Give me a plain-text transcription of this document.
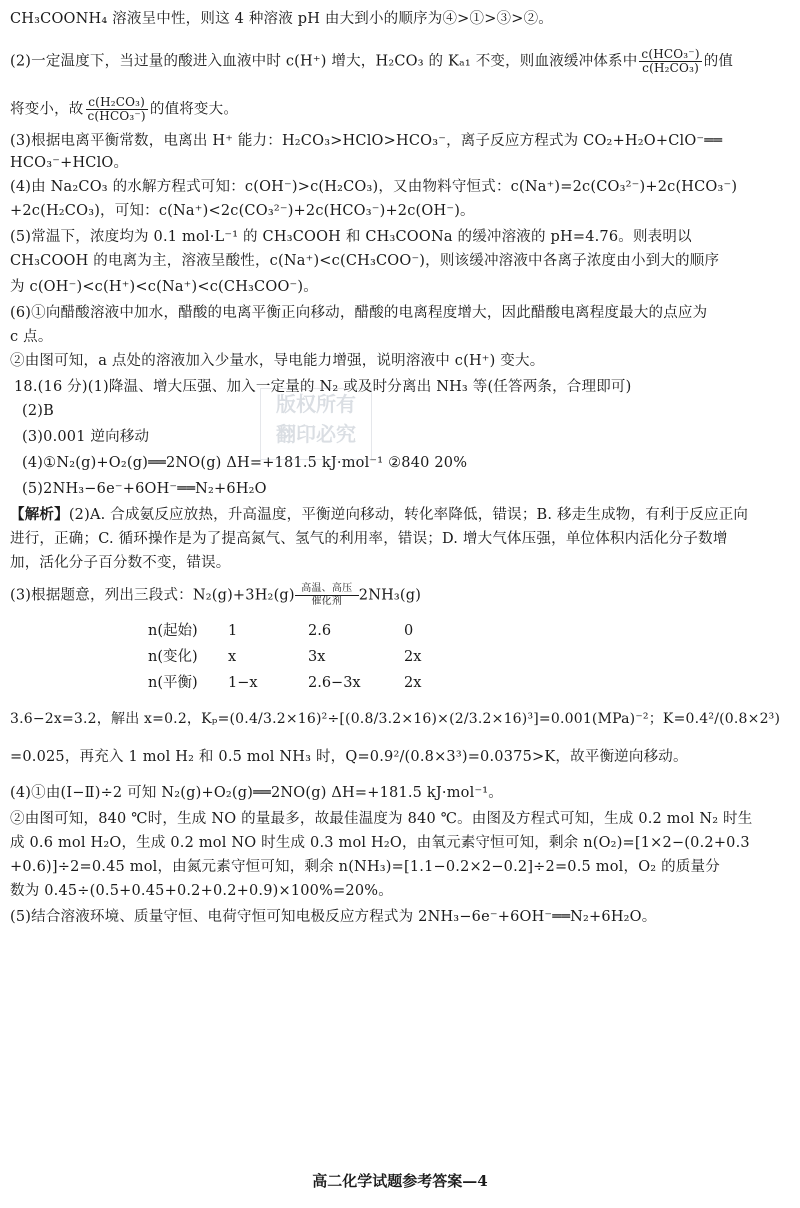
CH₃COONH₄ 溶液呈中性，则这 4 种溶液 pH 由大到小的顺序为④>①>③>②。
(2)一定温度下，当过量的酸进入血液中时 c(H⁺) 增大，H₂CO₃ 的 Kₐ₁ 不变，则血液缓冲体系中 $\frac{\text{c(HCO₃⁻)}}{\text{c(H₂CO₃)}}$ 的值
将变小，故 $\frac{\text{c(H₂CO₃)}}{\text{c(HCO₃⁻)}}$ 的值将变大。
(3)根据电离平衡常数，电离出 H⁺ 能力：H₂CO₃>HClO>HCO₃⁻，离子反应方程式为 CO₂+H₂O+ClO⁻══
HCO₃⁻+HClO。
(4)由 Na₂CO₃ 的水解方程式可知：c(OH⁻)>c(H₂CO₃)，又由物料守恒式：c(Na⁺)=2c(CO₃²⁻)+2c(HCO₃⁻)
+2c(H₂CO₃)，可知：c(Na⁺)<2c(CO₃²⁻)+2c(HCO₃⁻)+2c(OH⁻)。
(5)常温下，浓度均为 0.1 mol·L⁻¹ 的 CH₃COOH 和 CH₃COONa 的缓冲溶液的 pH=4.76。则表明以
CH₃COOH 的电离为主，溶液呈酸性，c(Na⁺)<c(CH₃COO⁻)，则该缓冲溶液中各离子浓度由小到大的顺序
为 c(OH⁻)<c(H⁺)<c(Na⁺)<c(CH₃COO⁻)。
(6)①向醋酸溶液中加水，醋酸的电离平衡正向移动，醋酸的电离程度增大，因此醋酸电离程度最大的点应为
c 点。
②由图可知，a 点处的溶液加入少量水，导电能力增强，说明溶液中 c(H⁺) 变大。
18.(16 分)(1)降温、增大压强、加入一定量的 N₂ 或及时分离出 NH₃ 等(任答两条，合理即可)
(2)B
(3)0.001 逆向移动
(4)①N₂(g)+O₂(g)══2NO(g) ΔH=+181.5 kJ·mol⁻¹ ②840 20%
(5)2NH₃−6e⁻+6OH⁻══N₂+6H₂O
【解析】(2)A. 合成氨反应放热，升高温度，平衡逆向移动，转化率降低，错误；B. 移走生成物，有利于反应正向
进行，正确；C. 循环操作是为了提高氮气、氢气的利用率，错误；D. 增大气体压强，单位体积内活化分子数增
加，活化分子百分数不变，错误。
(3)根据题意，列出三段式：N₂(g)+3H₂(g) 高温、高压
催化剂	2NH₃(g)
n(起始) 1	2.6	0
n(变化) x	3x	2x
n(平衡) 1−x	2.6−3x	2x
3.6−2x=3.2，解出 x=0.2，Kₚ=(0.4/3.2×16)²÷[(0.8/3.2×16)×(2/3.2×16)³]=0.001(MPa)⁻²；K=0.4²/(0.8×2³)
=0.025，再充入 1 mol H₂ 和 0.5 mol NH₃ 时，Q=0.9²/(0.8×3³)=0.0375>K，故平衡逆向移动。
(4)①由(Ⅰ−Ⅱ)÷2 可知 N₂(g)+O₂(g)══2NO(g) ΔH=+181.5 kJ·mol⁻¹。
②由图可知，840 ℃时，生成 NO 的量最多，故最佳温度为 840 ℃。由图及方程式可知，生成 0.2 mol N₂ 时生
成 0.6 mol H₂O，生成 0.2 mol NO 时生成 0.3 mol H₂O，由氧元素守恒可知，剩余 n(O₂)=[1×2−(0.2+0.3
+0.6)]÷2=0.45 mol，由氮元素守恒可知，剩余 n(NH₃)=[1.1−0.2×2−0.2]÷2=0.5 mol，O₂ 的质量分
数为 0.45÷(0.5+0.45+0.2+0.2+0.9)×100%=20%。
(5)结合溶液环境、质量守恒、电荷守恒可知电极反应方程式为 2NH₃−6e⁻+6OH⁻══N₂+6H₂O。
版权所有
翻印必究
高二化学试题参考答案—4
